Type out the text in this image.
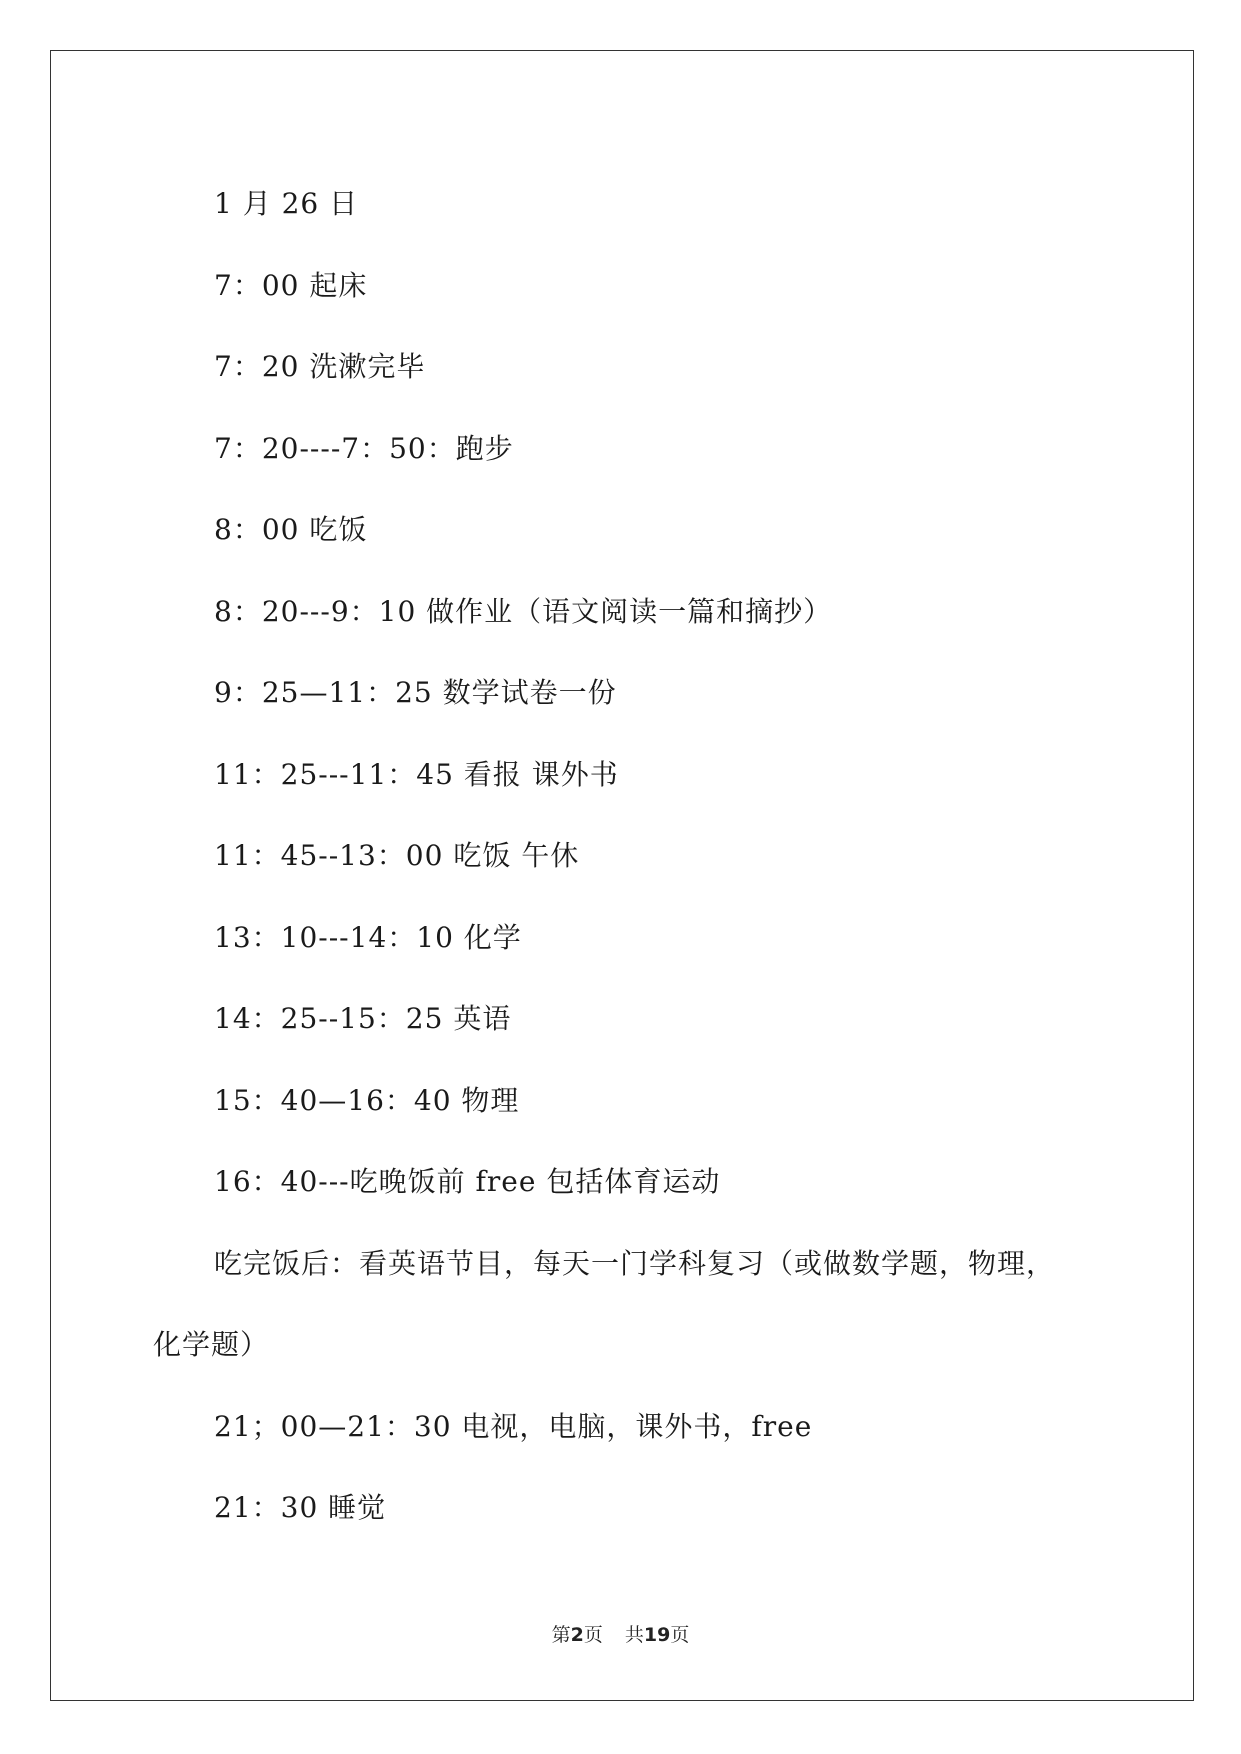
1 月 26 日

7：00 起床

7：20 洗漱完毕

7：20----7：50：跑步

8：00 吃饭

8：20---9：10 做作业（语文阅读一篇和摘抄）

9：25—11：25 数学试卷一份

11：25---11：45 看报 课外书

11：45--13：00 吃饭 午休

13：10---14：10 化学

14：25--15：25 英语

15：40—16：40 物理

16：40---吃晚饭前 free 包括体育运动

吃完饭后：看英语节目，每天一门学科复习（或做数学题，物理，

化学题）

21；00—21：30 电视，电脑，课外书，free

21：30 睡觉

第2页 共19页
